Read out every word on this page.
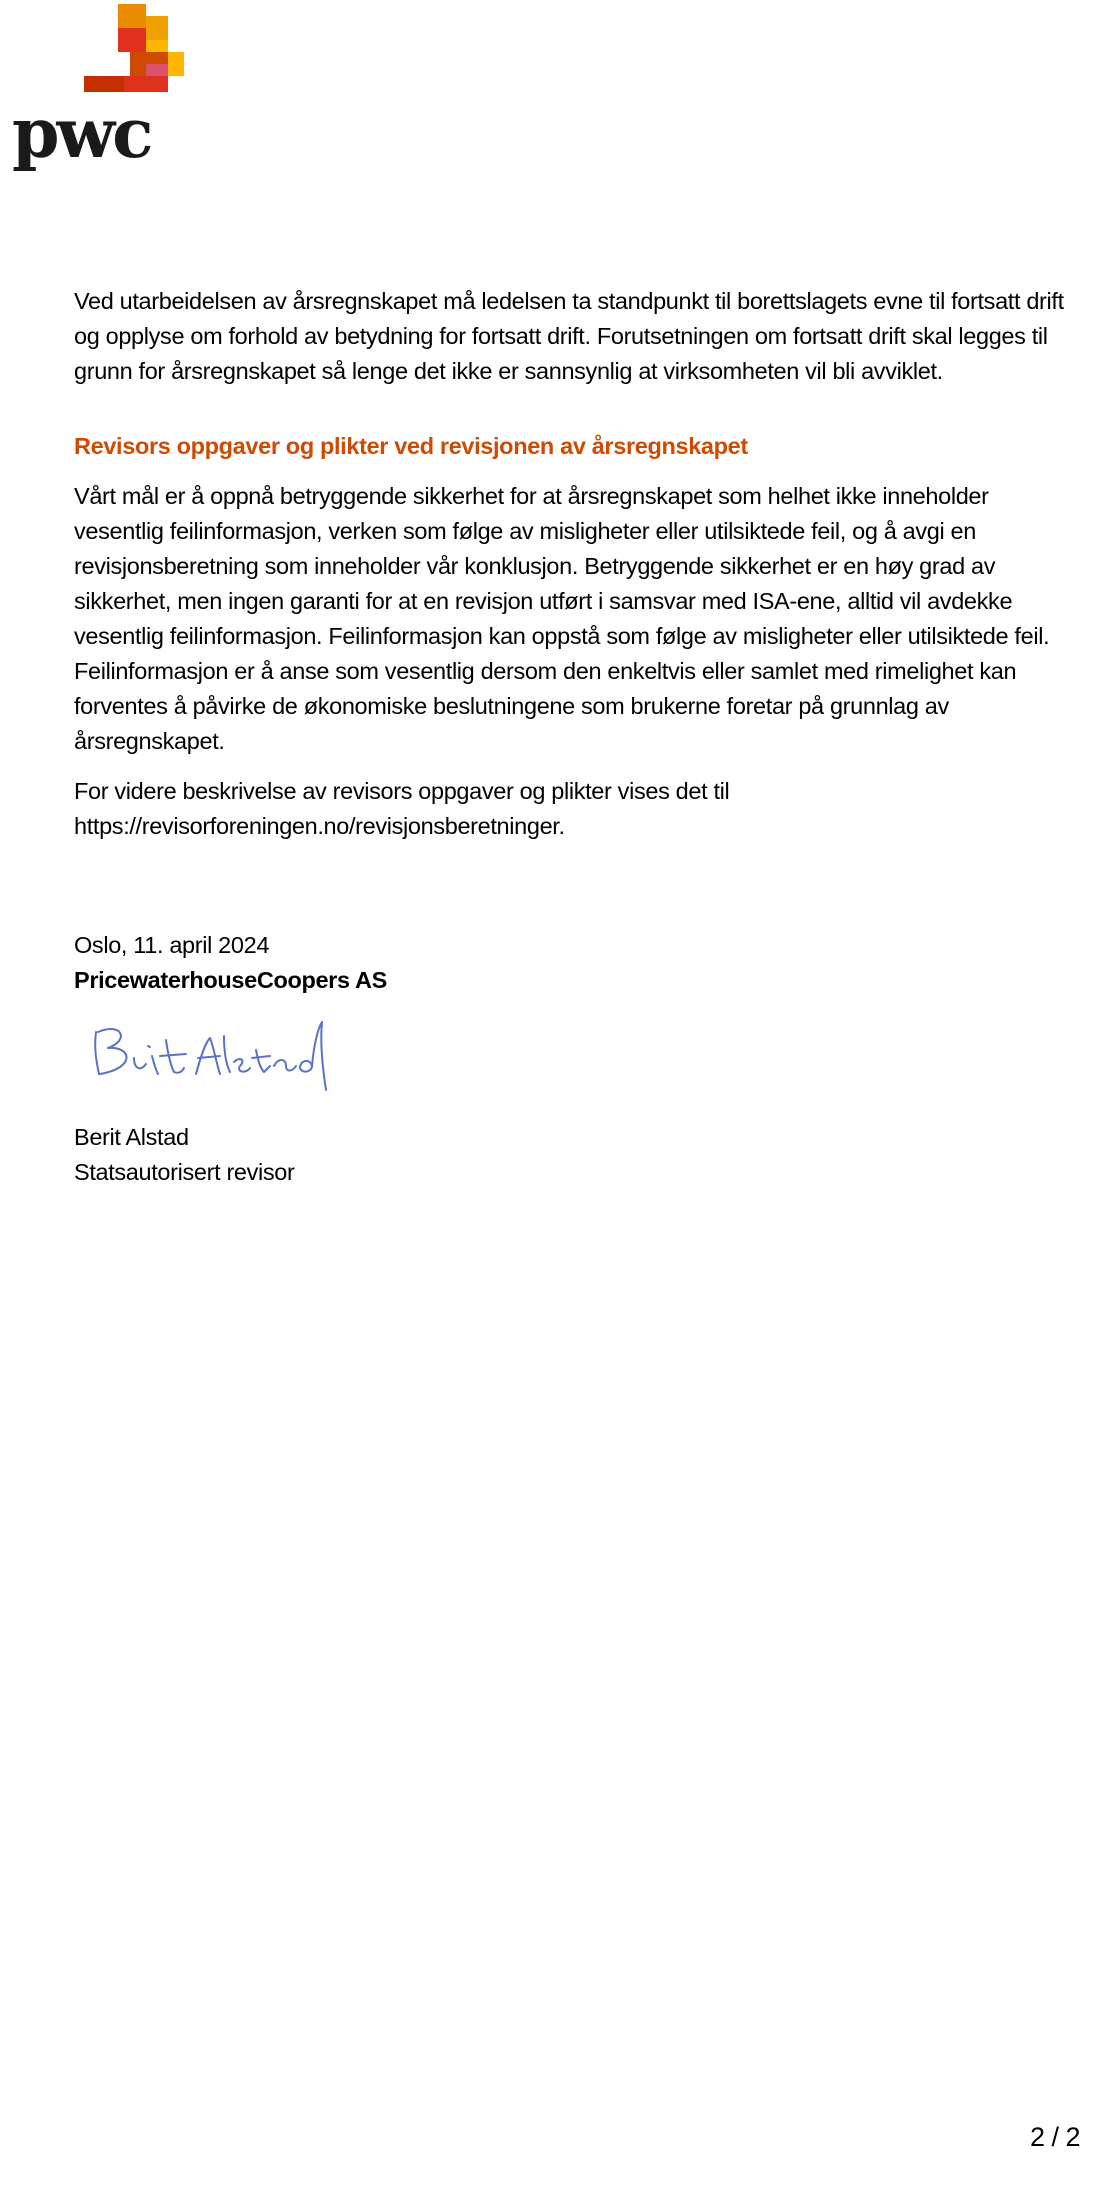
pwc

Ved utarbeidelsen av årsregnskapet må ledelsen ta standpunkt til borettslagets evne til fortsatt drift og opplyse om forhold av betydning for fortsatt drift. Forutsetningen om fortsatt drift skal legges til grunn for årsregnskapet så lenge det ikke er sannsynlig at virksomheten vil bli avviklet.

Revisors oppgaver og plikter ved revisjonen av årsregnskapet

Vårt mål er å oppnå betryggende sikkerhet for at årsregnskapet som helhet ikke inneholder vesentlig feilinformasjon, verken som følge av misligheter eller utilsiktede feil, og å avgi en revisjonsberetning som inneholder vår konklusjon. Betryggende sikkerhet er en høy grad av sikkerhet, men ingen garanti for at en revisjon utført i samsvar med ISA-ene, alltid vil avdekke vesentlig feilinformasjon. Feilinformasjon kan oppstå som følge av misligheter eller utilsiktede feil. Feilinformasjon er å anse som vesentlig dersom den enkeltvis eller samlet med rimelighet kan forventes å påvirke de økonomiske beslutningene som brukerne foretar på grunnlag av årsregnskapet.

For videre beskrivelse av revisors oppgaver og plikter vises det til https://revisorforeningen.no/revisjonsberetninger.

Oslo, 11. april 2024

PricewaterhouseCoopers AS

Berit Alstad

Statsautorisert revisor

2 / 2
